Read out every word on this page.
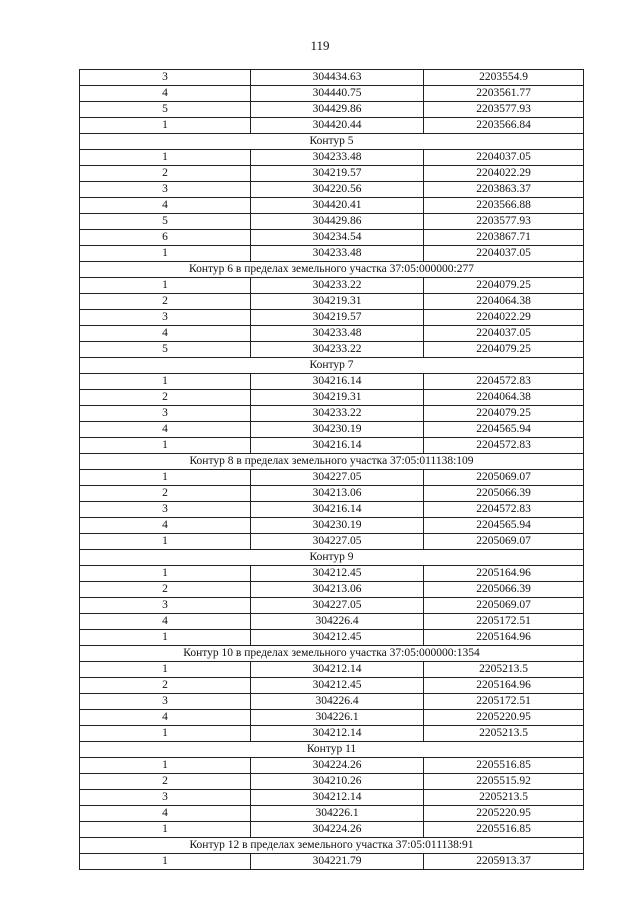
119
3	304434.63	2203554.9
4	304440.75	2203561.77
5	304429.86	2203577.93
1	304420.44	2203566.84
Контур 5		
1	304233.48	2204037.05
2	304219.57	2204022.29
3	304220.56	2203863.37
4	304420.41	2203566.88
5	304429.86	2203577.93
6	304234.54	2203867.71
1	304233.48	2204037.05
Контур 6 в пределах земельного участка 37:05:000000:277		
1	304233.22	2204079.25
2	304219.31	2204064.38
3	304219.57	2204022.29
4	304233.48	2204037.05
5	304233.22	2204079.25
Контур 7		
1	304216.14	2204572.83
2	304219.31	2204064.38
3	304233.22	2204079.25
4	304230.19	2204565.94
1	304216.14	2204572.83
Контур 8 в пределах земельного участка 37:05:011138:109		
1	304227.05	2205069.07
2	304213.06	2205066.39
3	304216.14	2204572.83
4	304230.19	2204565.94
1	304227.05	2205069.07
Контур 9		
1	304212.45	2205164.96
2	304213.06	2205066.39
3	304227.05	2205069.07
4	304226.4	2205172.51
1	304212.45	2205164.96
Контур 10 в пределах земельного участка 37:05:000000:1354		
1	304212.14	2205213.5
2	304212.45	2205164.96
3	304226.4	2205172.51
4	304226.1	2205220.95
1	304212.14	2205213.5
Контур 11		
1	304224.26	2205516.85
2	304210.26	2205515.92
3	304212.14	2205213.5
4	304226.1	2205220.95
1	304224.26	2205516.85
Контур 12 в пределах земельного участка 37:05:011138:91		
1	304221.79	2205913.37
